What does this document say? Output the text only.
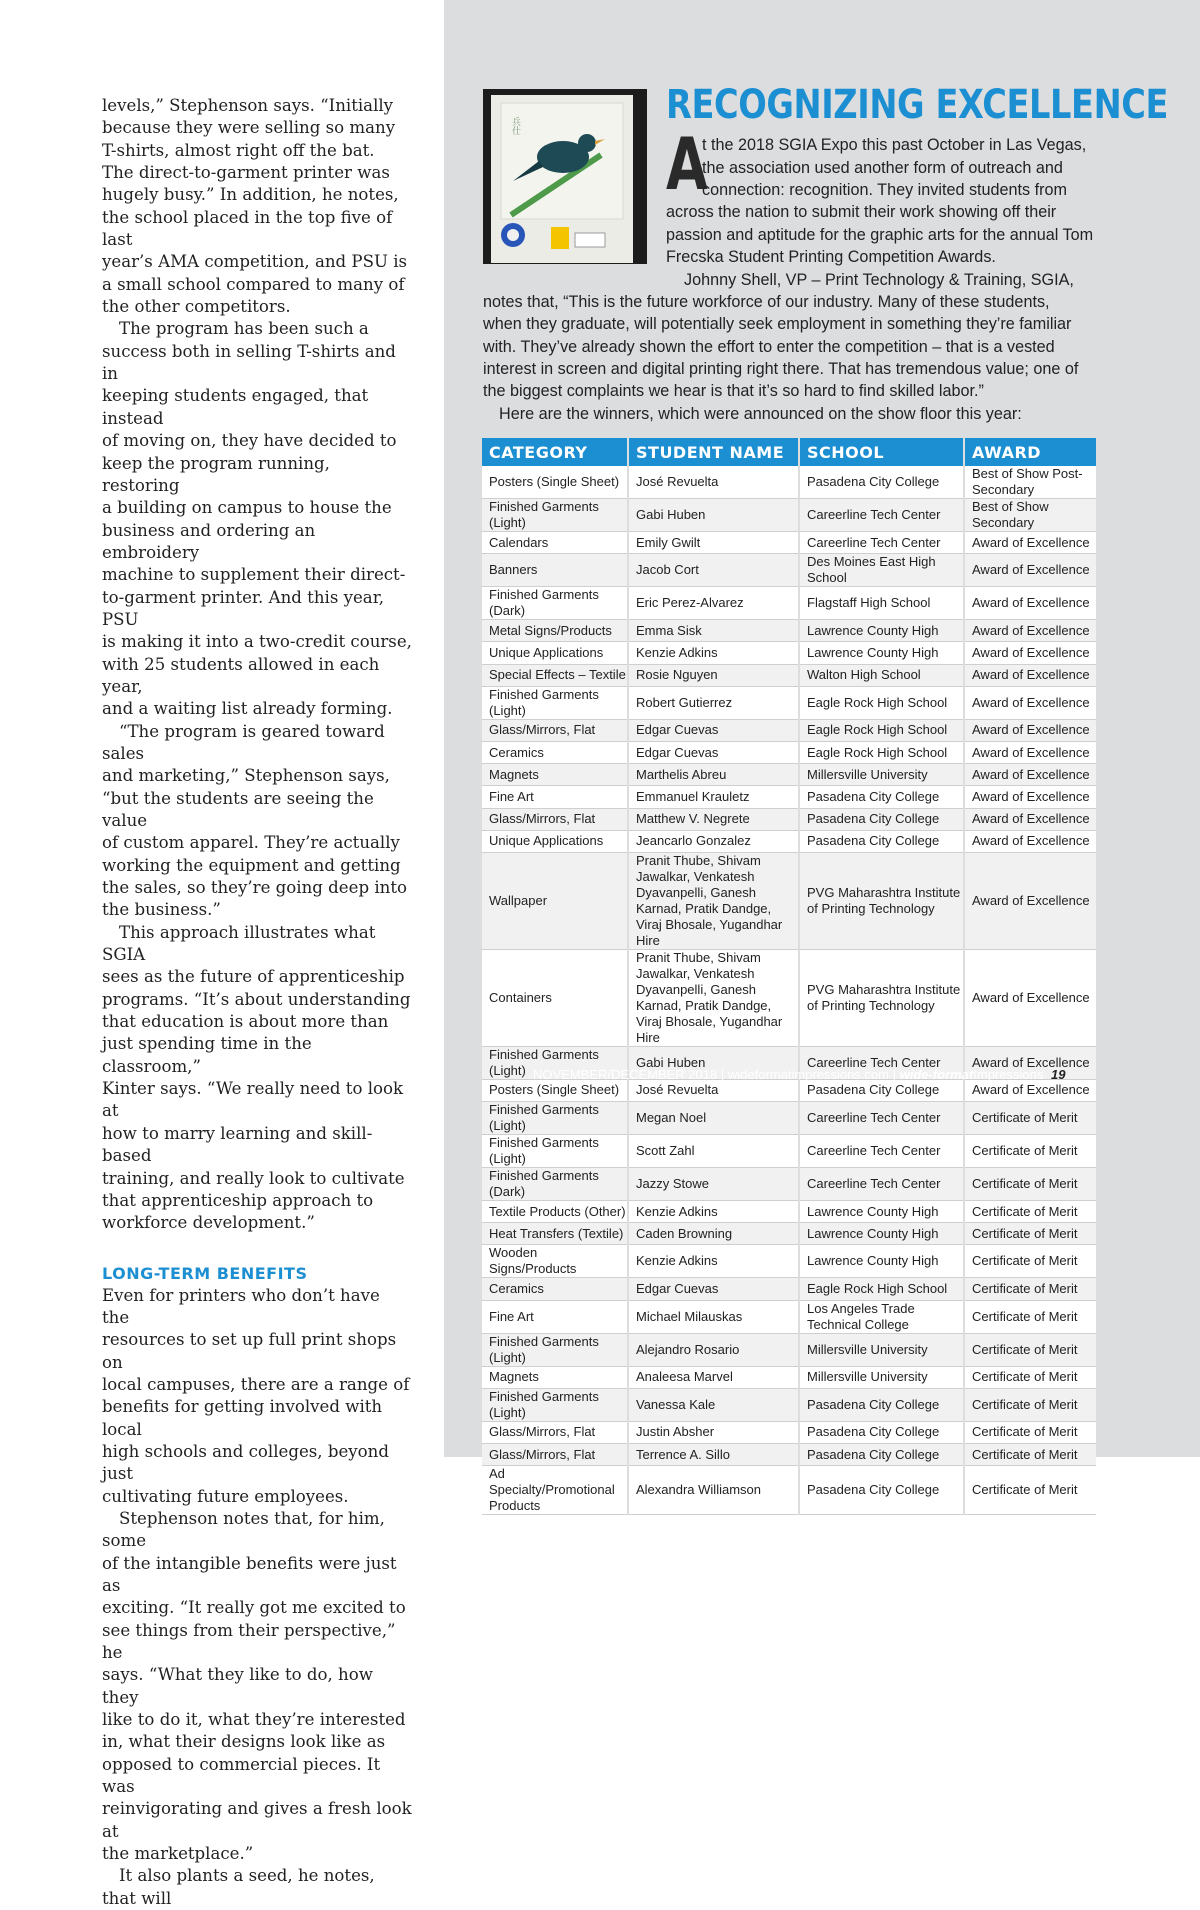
levels,” Stephenson says. “Initially
because they were selling so many
T-shirts, almost right off the bat.
The direct-to-garment printer was
hugely busy.” In addition, he notes,
the school placed in the top five of last
year’s AMA competition, and PSU is
a small school compared to many of
the other competitors.

The program has been such a
success both in selling T-shirts and in
keeping students engaged, that instead
of moving on, they have decided to
keep the program running, restoring
a building on campus to house the
business and ordering an embroidery
machine to supplement their direct-
to-garment printer. And this year, PSU
is making it into a two-credit course,
with 25 students allowed in each year,
and a waiting list already forming.

“The program is geared toward sales
and marketing,” Stephenson says,
“but the students are seeing the value
of custom apparel. They’re actually
working the equipment and getting
the sales, so they’re going deep into
the business.”

This approach illustrates what SGIA
sees as the future of apprenticeship
programs. “It’s about understanding
that education is about more than
just spending time in the classroom,”
Kinter says. “We really need to look at
how to marry learning and skill-based
training, and really look to cultivate
that apprenticeship approach to
workforce development.”

LONG-TERM BENEFITS

Even for printers who don’t have the
resources to set up full print shops on
local campuses, there are a range of
benefits for getting involved with local
high schools and colleges, beyond just
cultivating future employees.

Stephenson notes that, for him, some
of the intangible benefits were just as
exciting. “It really got me excited to
see things from their perspective,” he
says. “What they like to do, how they
like to do it, what they’re interested
in, what their designs look like as
opposed to commercial pieces. It was
reinvigorating and gives a fresh look at
the marketplace.”

It also plants a seed, he notes, that will

兵仕	RECOGNIZING EXCELLENCE
A
t the 2018 SGIA Expo this past October in Las Vegas,
the association used another form of outreach and
connection: recognition. They invited students from
across the nation to submit their work showing off their
passion and aptitude for the graphic arts for the annual Tom
Frecska Student Printing Competition Awards.
Johnny Shell, VP – Print Technology & Training, SGIA,
notes that, “This is the future workforce of our industry. Many of these students,
when they graduate, will potentially seek employment in something they’re familiar
with. They’ve already shown the effort to enter the competition – that is a vested
interest in screen and digital printing right there. That has tremendous value; one of
the biggest complaints we hear is that it’s so hard to find skilled labor.”
Here are the winners, which were announced on the show floor this year:
CATEGORY	STUDENT NAME	SCHOOL	AWARD
Posters (Single Sheet)	José Revuelta	Pasadena City College	Best of Show Post-Secondary
Finished Garments (Light)	Gabi Huben	Careerline Tech Center	Best of Show Secondary
Calendars	Emily Gwilt	Careerline Tech Center	Award of Excellence
Banners	Jacob Cort	Des Moines East High School	Award of Excellence
Finished Garments (Dark)	Eric Perez-Alvarez	Flagstaff High School	Award of Excellence
Metal Signs/Products	Emma Sisk	Lawrence County High	Award of Excellence
Unique Applications	Kenzie Adkins	Lawrence County High	Award of Excellence
Special Effects – Textile	Rosie Nguyen	Walton High School	Award of Excellence
Finished Garments (Light)	Robert Gutierrez	Eagle Rock High School	Award of Excellence
Glass/Mirrors, Flat	Edgar Cuevas	Eagle Rock High School	Award of Excellence
Ceramics	Edgar Cuevas	Eagle Rock High School	Award of Excellence
Magnets	Marthelis Abreu	Millersville University	Award of Excellence
Fine Art	Emmanuel Krauletz	Pasadena City College	Award of Excellence
Glass/Mirrors, Flat	Matthew V. Negrete	Pasadena City College	Award of Excellence
Unique Applications	Jeancarlo Gonzalez	Pasadena City College	Award of Excellence
Wallpaper	Pranit Thube, Shivam Jawalkar, Venkatesh Dyavanpelli, Ganesh Karnad, Pratik Dandge, Viraj Bhosale, Yugandhar Hire	PVG Maharashtra Institute of Printing Technology	Award of Excellence
Containers	Pranit Thube, Shivam Jawalkar, Venkatesh Dyavanpelli, Ganesh Karnad, Pratik Dandge, Viraj Bhosale, Yugandhar Hire	PVG Maharashtra Institute of Printing Technology	Award of Excellence
Finished Garments (Light)	Gabi Huben	Careerline Tech Center	Award of Excellence
Posters (Single Sheet)	José Revuelta	Pasadena City College	Award of Excellence
Finished Garments (Light)	Megan Noel	Careerline Tech Center	Certificate of Merit
Finished Garments (Light)	Scott Zahl	Careerline Tech Center	Certificate of Merit
Finished Garments (Dark)	Jazzy Stowe	Careerline Tech Center	Certificate of Merit
Textile Products (Other)	Kenzie Adkins	Lawrence County High	Certificate of Merit
Heat Transfers (Textile)	Caden Browning	Lawrence County High	Certificate of Merit
Wooden Signs/Products	Kenzie Adkins	Lawrence County High	Certificate of Merit
Ceramics	Edgar Cuevas	Eagle Rock High School	Certificate of Merit
Fine Art	Michael Milauskas	Los Angeles Trade Technical College	Certificate of Merit
Finished Garments (Light)	Alejandro Rosario	Millersville University	Certificate of Merit
Magnets	Analeesa Marvel	Millersville University	Certificate of Merit
Finished Garments (Light)	Vanessa Kale	Pasadena City College	Certificate of Merit
Glass/Mirrors, Flat	Justin Absher	Pasadena City College	Certificate of Merit
Glass/Mirrors, Flat	Terrence A. Sillo	Pasadena City College	Certificate of Merit
Ad Specialty/Promotional Products	Alexandra Williamson	Pasadena City College	Certificate of Merit
NOVEMBER/DECEMBER 2018 | wideformatimpressions.com | wide-formatImpressions 19
